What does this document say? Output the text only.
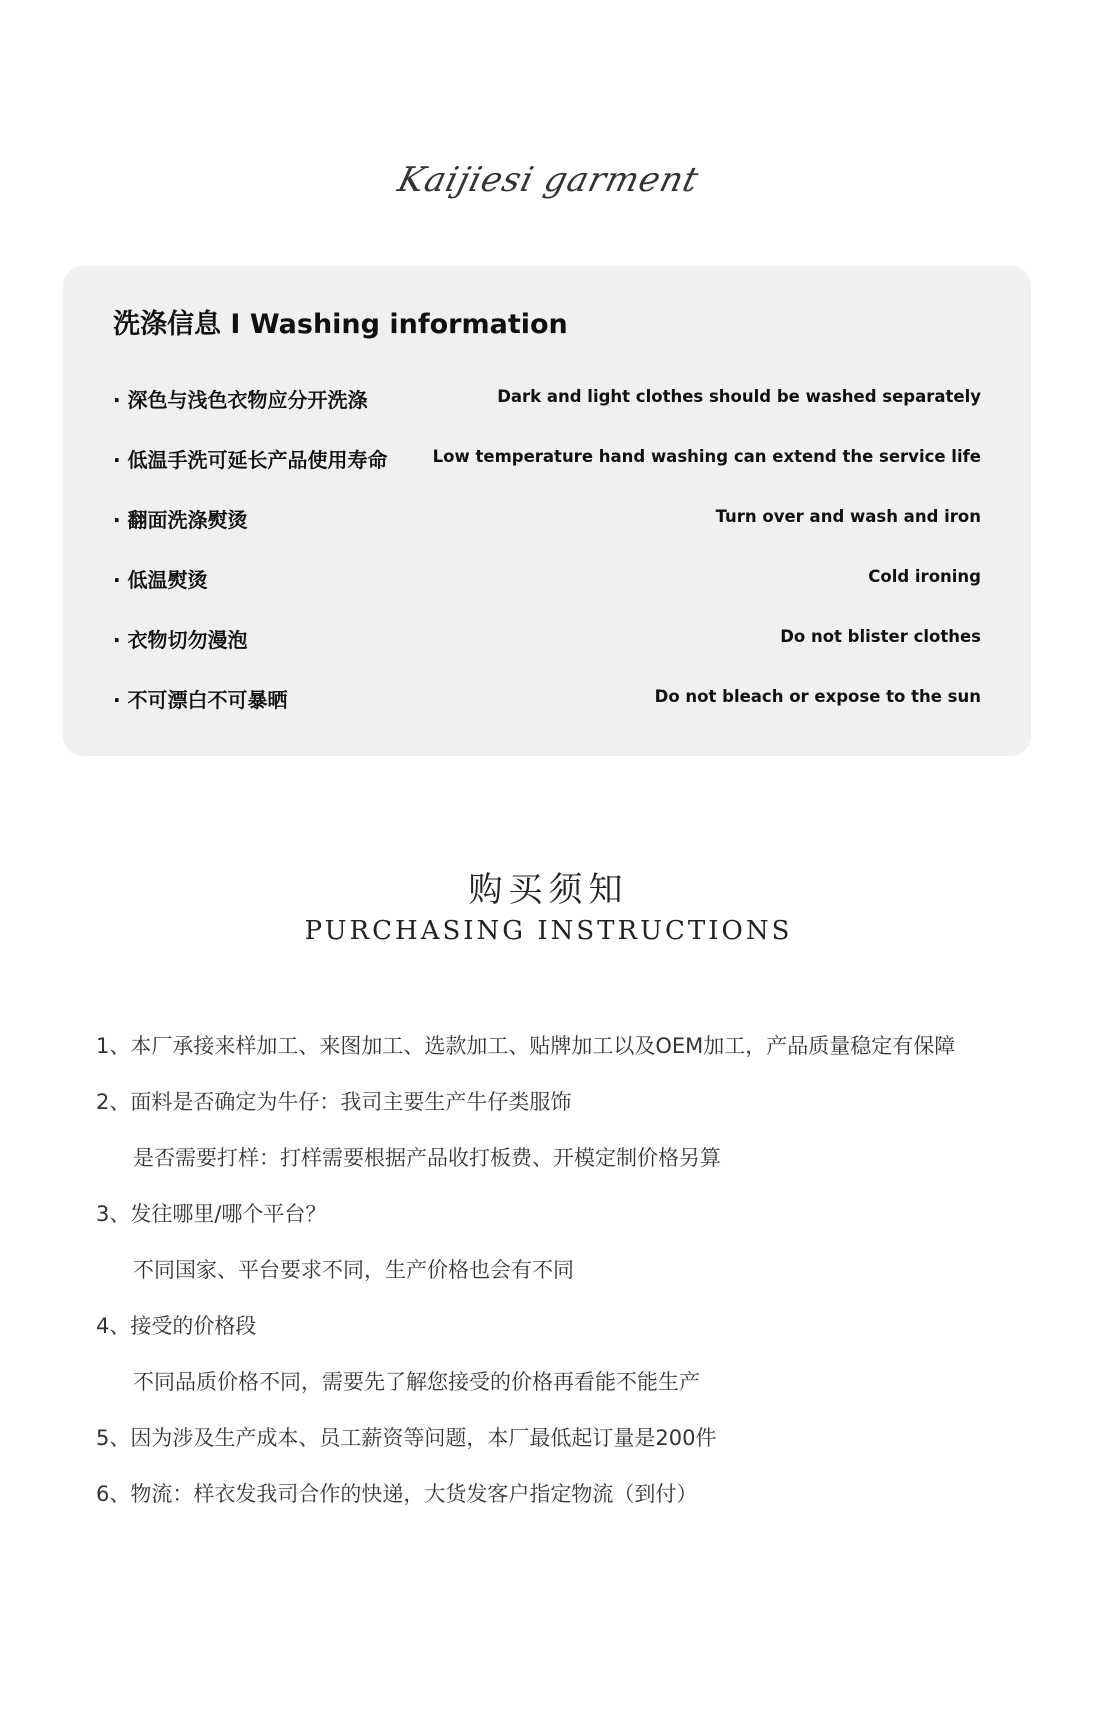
Kaijiesi garment
洗涤信息 I Washing information
· 深色与浅色衣物应分开洗涤	Dark and light clothes should be washed separately
· 低温手洗可延长产品使用寿命	Low temperature hand washing can extend the service life
· 翻面洗涤熨烫	Turn over and wash and iron
· 低温熨烫	Cold ironing
· 衣物切勿漫泡	Do not blister clothes
· 不可漂白不可暴晒	Do not bleach or expose to the sun
购买须知
PURCHASING INSTRUCTIONS
1、本厂承接来样加工、来图加工、选款加工、贴牌加工以及OEM加工，产品质量稳定有保障
2、面料是否确定为牛仔：我司主要生产牛仔类服饰
是否需要打样：打样需要根据产品收打板费、开模定制价格另算
3、发往哪里/哪个平台？
不同国家、平台要求不同，生产价格也会有不同
4、接受的价格段
不同品质价格不同，需要先了解您接受的价格再看能不能生产
5、因为涉及生产成本、员工薪资等问题，本厂最低起订量是200件
6、物流：样衣发我司合作的快递，大货发客户指定物流（到付）
